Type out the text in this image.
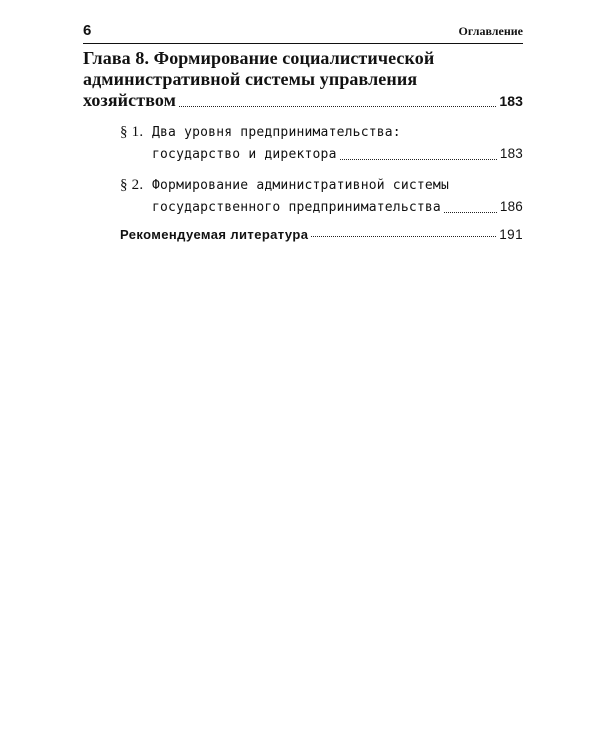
6	Оглавление
Глава 8. Формирование социалистической
административной системы управления
хозяйством	183
§ 1. Два уровня предпринимательства:
государство и директора	183
§ 2. Формирование административной системы
государственного предпринимательства	186
Рекомендуемая литература	191
